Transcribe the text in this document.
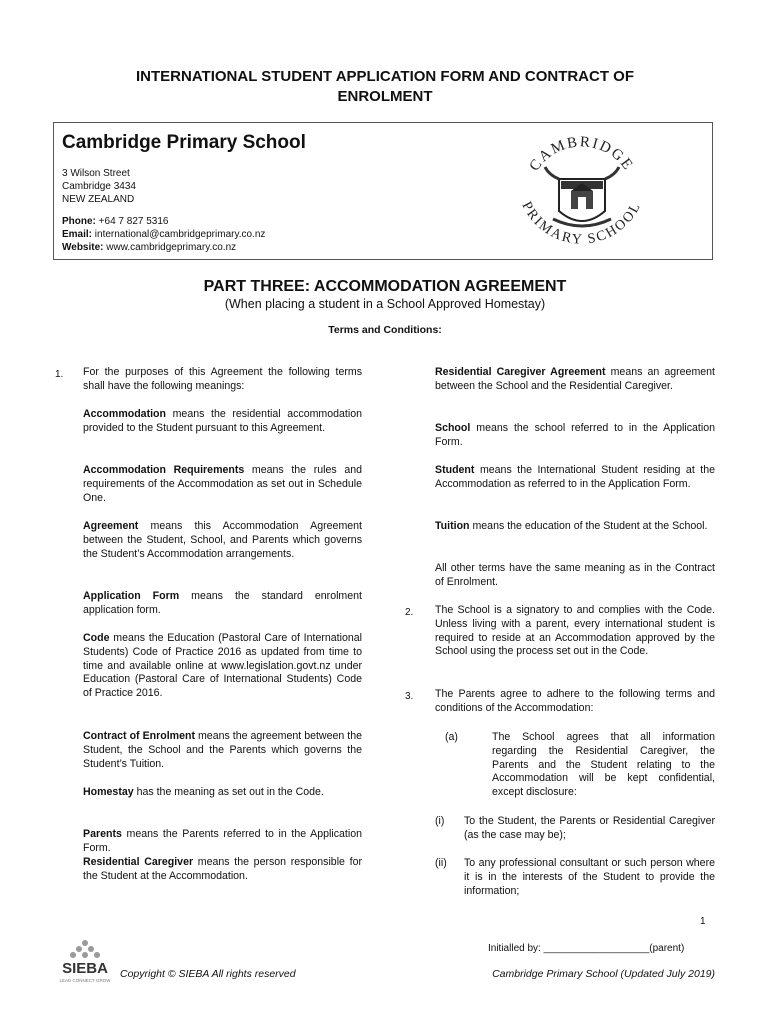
INTERNATIONAL STUDENT APPLICATION FORM AND CONTRACT OF
ENROLMENT
Cambridge Primary School
3 Wilson Street
Cambridge 3434
NEW ZEALAND
Phone: +64 7 827 5316
Email: international@cambridgeprimary.co.nz
Website: www.cambridgeprimary.co.nz
CAMBRIDGE
PRIMARY SCHOOL
PART THREE: ACCOMMODATION AGREEMENT
(When placing a student in a School Approved Homestay)
Terms and Conditions:
1. For the purposes of this Agreement the following terms shall have the following meanings:
Accommodation means the residential accommodation provided to the Student pursuant to this Agreement.
Accommodation Requirements means the rules and requirements of the Accommodation as set out in Schedule One.
Agreement means this Accommodation Agreement between the Student, School, and Parents which governs the Student’s Accommodation arrangements.
Application Form means the standard enrolment application form.
Code means the Education (Pastoral Care of International Students) Code of Practice 2016 as updated from time to time and available online at www.legislation.govt.nz under Education (Pastoral Care of International Students) Code of Practice 2016.
Contract of Enrolment means the agreement between the Student, the School and the Parents which governs the Student’s Tuition.
Homestay has the meaning as set out in the Code.
Parents means the Parents referred to in the Application Form.
Residential Caregiver means the person responsible for the Student at the Accommodation.
Residential Caregiver Agreement means an agreement between the School and the Residential Caregiver.
School means the school referred to in the Application Form.
Student means the International Student residing at the Accommodation as referred to in the Application Form.
Tuition means the education of the Student at the School.
All other terms have the same meaning as in the Contract of Enrolment.
2. The School is a signatory to and complies with the Code. Unless living with a parent, every international student is required to reside at an Accommodation approved by the School using the process set out in the Code.
3. The Parents agree to adhere to the following terms and conditions of the Accommodation:
(a)	The School agrees that all information regarding the Residential Caregiver, the Parents and the Student relating to the Accommodation will be kept confidential, except disclosure:
(i) To the Student, the Parents or Residential Caregiver (as the case may be);
(ii) To any professional consultant or such person where it is in the interests of the Student to provide the information;
1
Initialled by: ___________________(parent)
SIEBA
LEAD CONNECT GROW
Copyright © SIEBA All rights reserved	Cambridge Primary School (Updated July 2019)
